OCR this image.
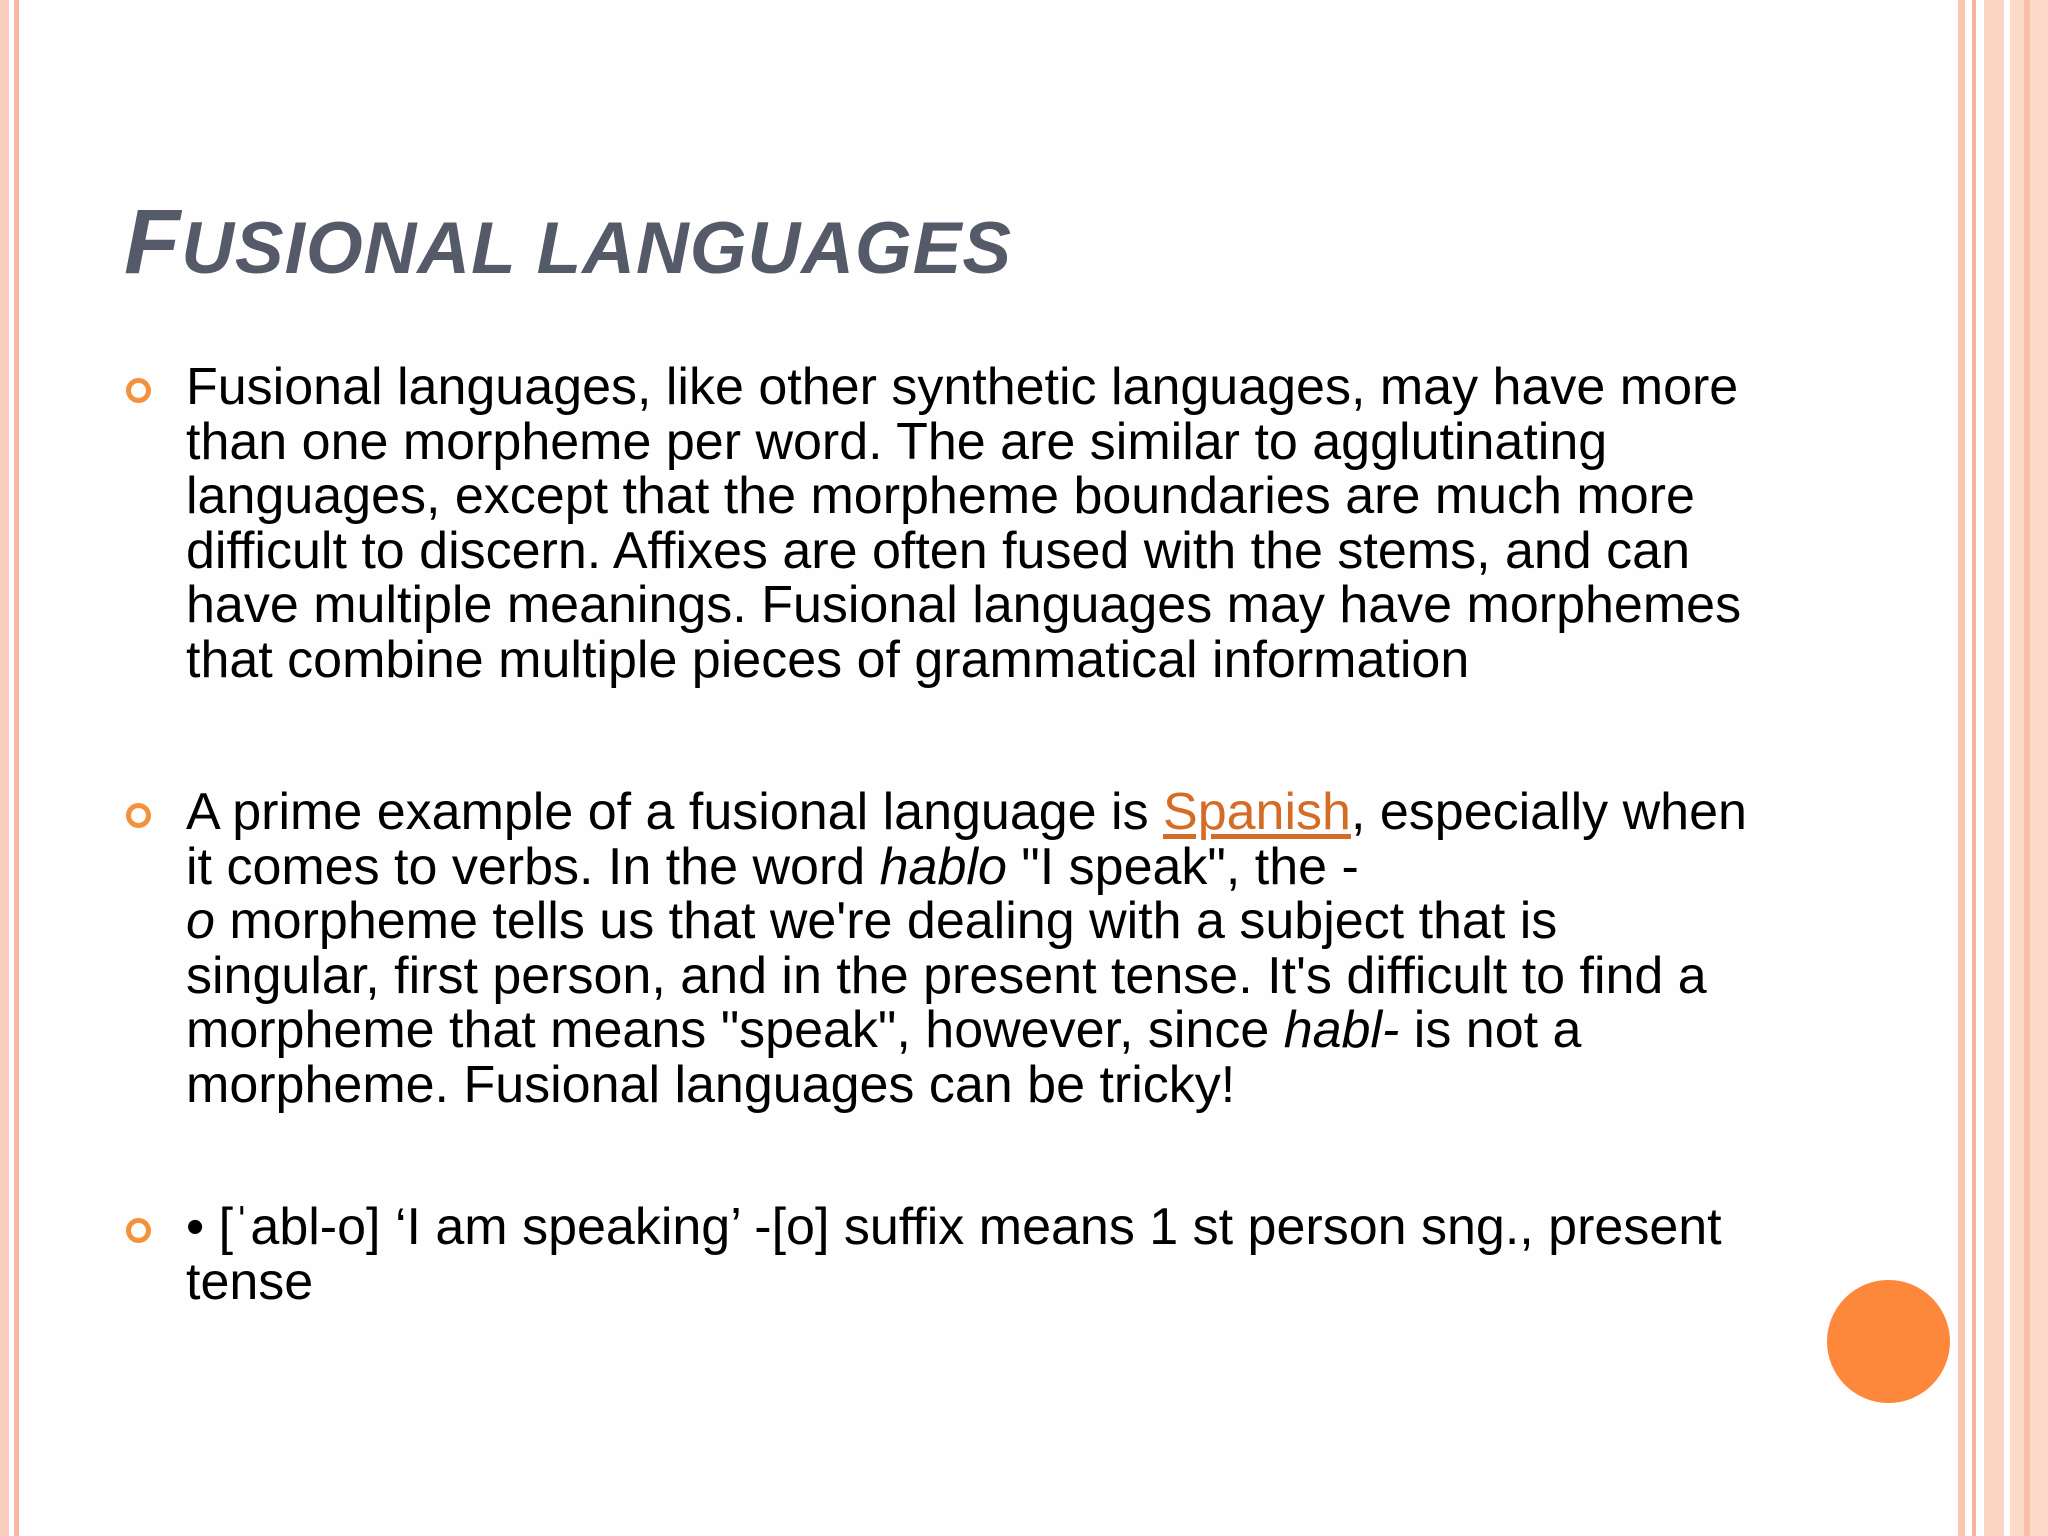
FUSIONAL LANGUAGES

Fusional languages, like other synthetic languages, may have more than one morpheme per word. The are similar to agglutinating languages, except that the morpheme boundaries are much more difficult to discern. Affixes are often fused with the stems, and can have multiple meanings. Fusional languages may have morphemes that combine multiple pieces of grammatical information

A prime example of a fusional language is Spanish, especially when it comes to verbs. In the word hablo "I speak", the -
o morpheme tells us that we're dealing with a subject that is singular, first person, and in the present tense. It's difficult to find a morpheme that means "speak", however, since habl- is not a morpheme. Fusional languages can be tricky!

• [ˈabl-o] ‘I am speaking’ -[o] suffix means 1 st person sng., present tense
